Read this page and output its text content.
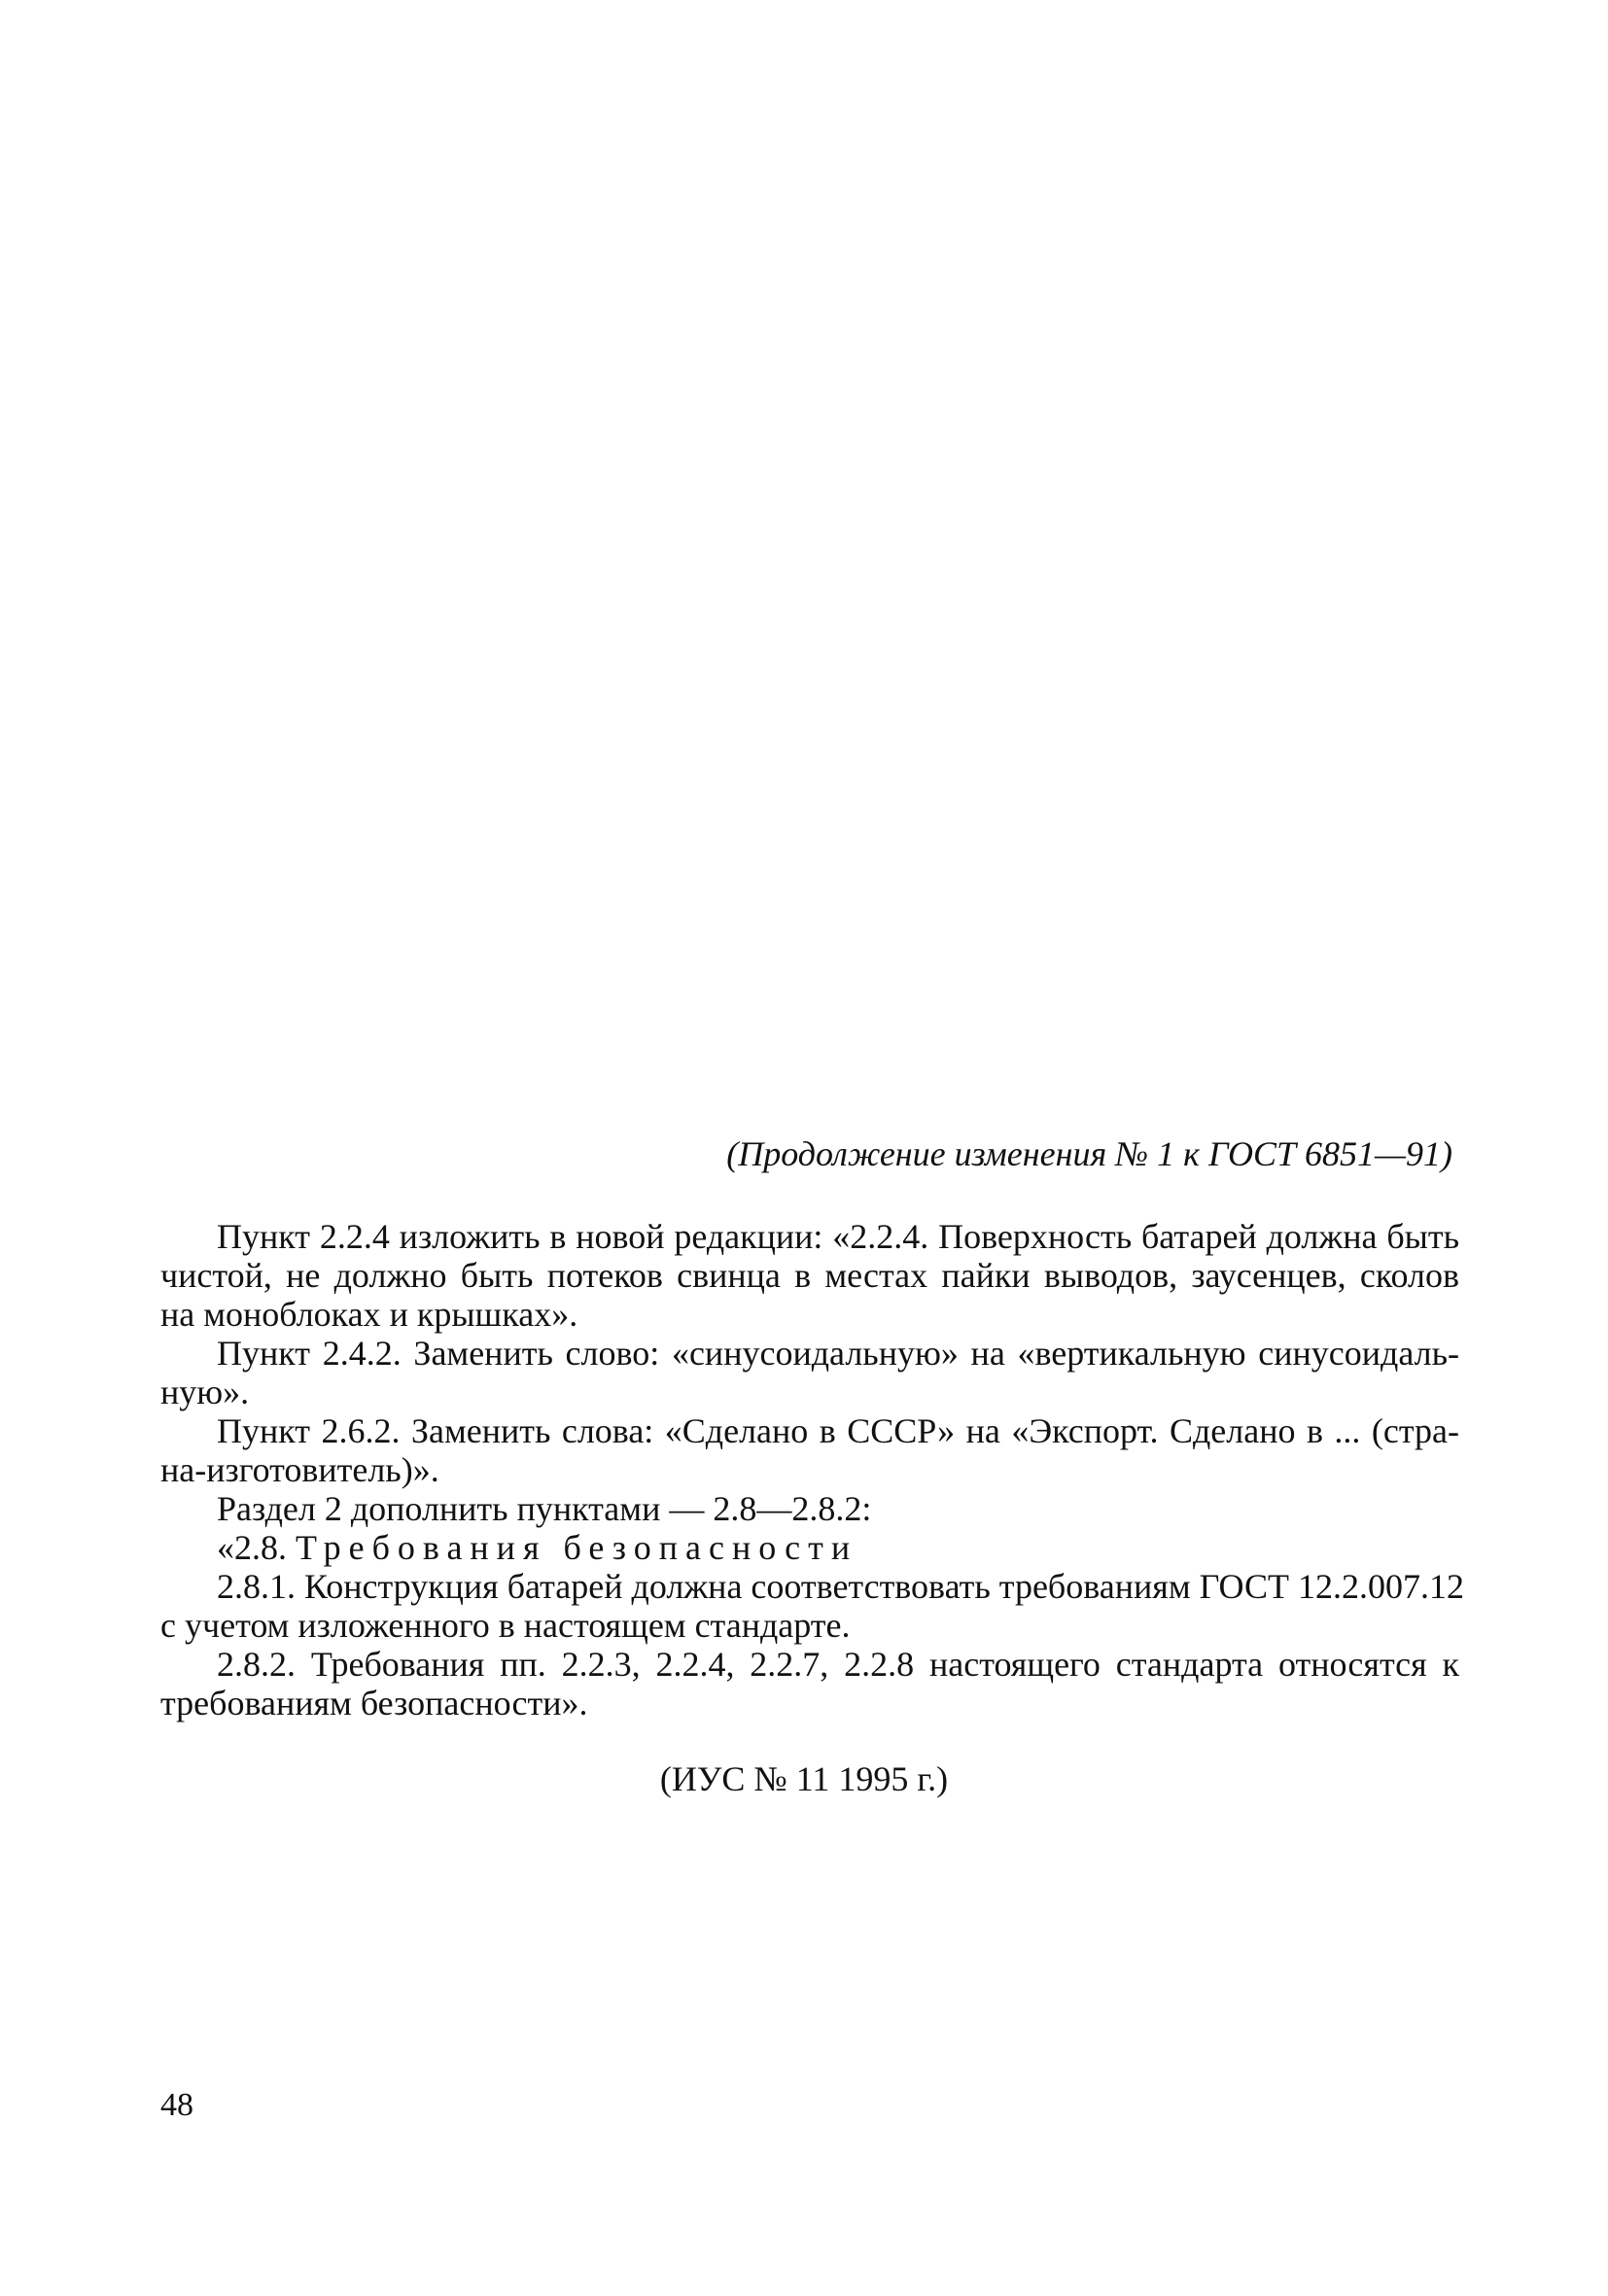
(Продолжение изменения № 1 к ГОСТ 6851—91)
Пункт 2.2.4 изложить в новой редакции: «2.2.4. Поверхность батарей должна быть
чистой, не должно быть потеков свинца в местах пайки выводов, заусенцев, сколов
на моноблоках и крышках».
Пункт 2.4.2. Заменить слово: «синусоидальную» на «вертикальную синусоидаль-
ную».
Пункт 2.6.2. Заменить слова: «Сделано в СССР» на «Экспорт. Сделано в ... (стра-
на-изготовитель)».
Раздел 2 дополнить пунктами — 2.8—2.8.2:
«2.8. Требования безопасности
2.8.1. Конструкция батарей должна соответствовать требованиям ГОСТ 12.2.007.12
с учетом изложенного в настоящем стандарте.
2.8.2. Требования пп. 2.2.3, 2.2.4, 2.2.7, 2.2.8 настоящего стандарта относятся к
требованиям безопасности».
(ИУС № 11 1995 г.)
48
